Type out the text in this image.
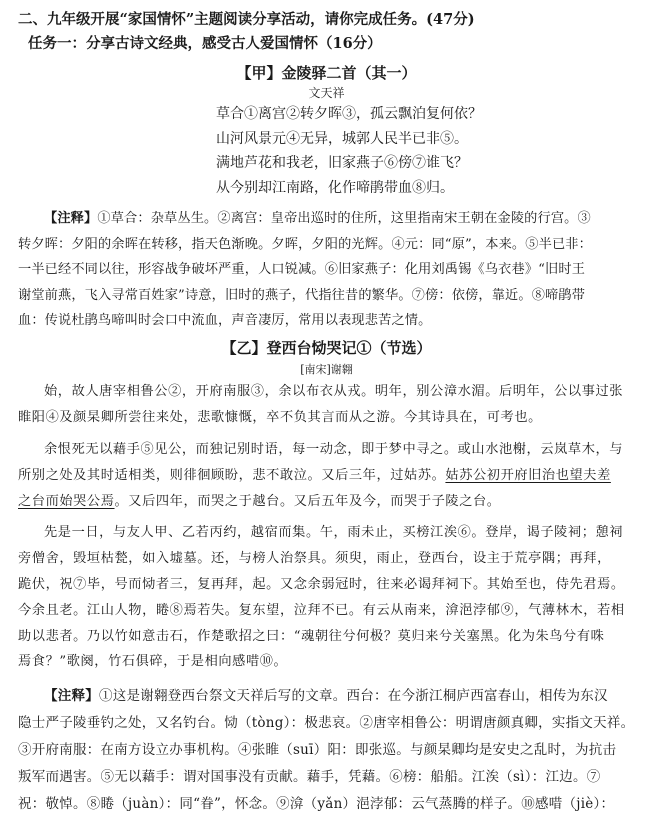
二、九年级开展“家国情怀”主题阅读分享活动，请你完成任务。(47分)
任务一：分享古诗文经典，感受古人爱国情怀（16分）
【甲】金陵驿二首（其一）
文天祥
草合①离宫②转夕晖③，孤云飘泊复何依？
山河风景元④无异，城郭人民半已非⑤。
满地芦花和我老，旧家燕子⑥傍⑦谁飞？
从今别却江南路，化作啼鹃带血⑧归。
【注释】①草合：杂草丛生。②离宫：皇帝出巡时的住所，这里指南宋王朝在金陵的行宫。③
转夕晖：夕阳的余晖在转移，指天色渐晚。夕晖，夕阳的光辉。④元：同“原”，本来。⑤半已非：
一半已经不同以往，形容战争破坏严重，人口锐减。⑥旧家燕子：化用刘禹锡《乌衣巷》“旧时王
谢堂前燕，飞入寻常百姓家”诗意，旧时的燕子，代指往昔的繁华。⑦傍：依傍，靠近。⑧啼鹃带
血：传说杜鹃鸟啼叫时会口中流血，声音凄厉，常用以表现悲苦之情。
【乙】登西台恸哭记①（节选）
[南宋]谢翱
始，故人唐宰相鲁公②，开府南服③，余以布衣从戎。明年，别公漳水湄。后明年，公以事过张
睢阳④及颜杲卿所尝往来处，悲歌慷慨，卒不负其言而从之游。今其诗具在，可考也。
余恨死无以藉手⑤见公，而独记别时语，每一动念，即于梦中寻之。或山水池榭，云岚草木，与
所别之处及其时适相类，则徘徊顾盼，悲不敢泣。又后三年，过姑苏。姑苏公初开府旧治也望夫差
之台而始哭公焉。又后四年，而哭之于越台。又后五年及今，而哭于子陵之台。
先是一日，与友人甲、乙若丙约，越宿而集。午，雨未止，买榜江涘⑥。登岸，谒子陵祠；憩祠
旁僧舍，毁垣枯甃，如入墟墓。还，与榜人治祭具。须臾，雨止，登西台，设主于荒亭隅；再拜，
跪伏，祝⑦毕，号而恸者三，复再拜，起。又念余弱冠时，往来必谒拜祠下。其始至也，侍先君焉。
今余且老。江山人物，睠⑧焉若失。复东望，泣拜不已。有云从南来，渰浥浡郁⑨，气薄林木，若相
助以悲者。乃以竹如意击石，作楚歌招之曰：“魂朝往兮何极？莫归来兮关塞黑。化为朱鸟兮有咮
焉食？”歌阕，竹石俱碎，于是相向感唶⑩。
【注释】①这是谢翱登西台祭文天祥后写的文章。西台：在今浙江桐庐西富春山，相传为东汉
隐士严子陵垂钓之处，又名钓台。恸（tòng）：极悲哀。②唐宰相鲁公：明谓唐颜真卿，实指文天祥。
③开府南服：在南方设立办事机构。④张睢（suī）阳：即张巡。与颜杲卿均是安史之乱时，为抗击
叛军而遇害。⑤无以藉手：谓对国事没有贡献。藉手，凭藉。⑥榜：船船。江涘（sì）：江边。⑦
祝：敬悼。⑧睠（juàn）：同“眷”，怀念。⑨渰（yǎn）浥浡郁：云气蒸腾的样子。⑩感唶（jiè）：
